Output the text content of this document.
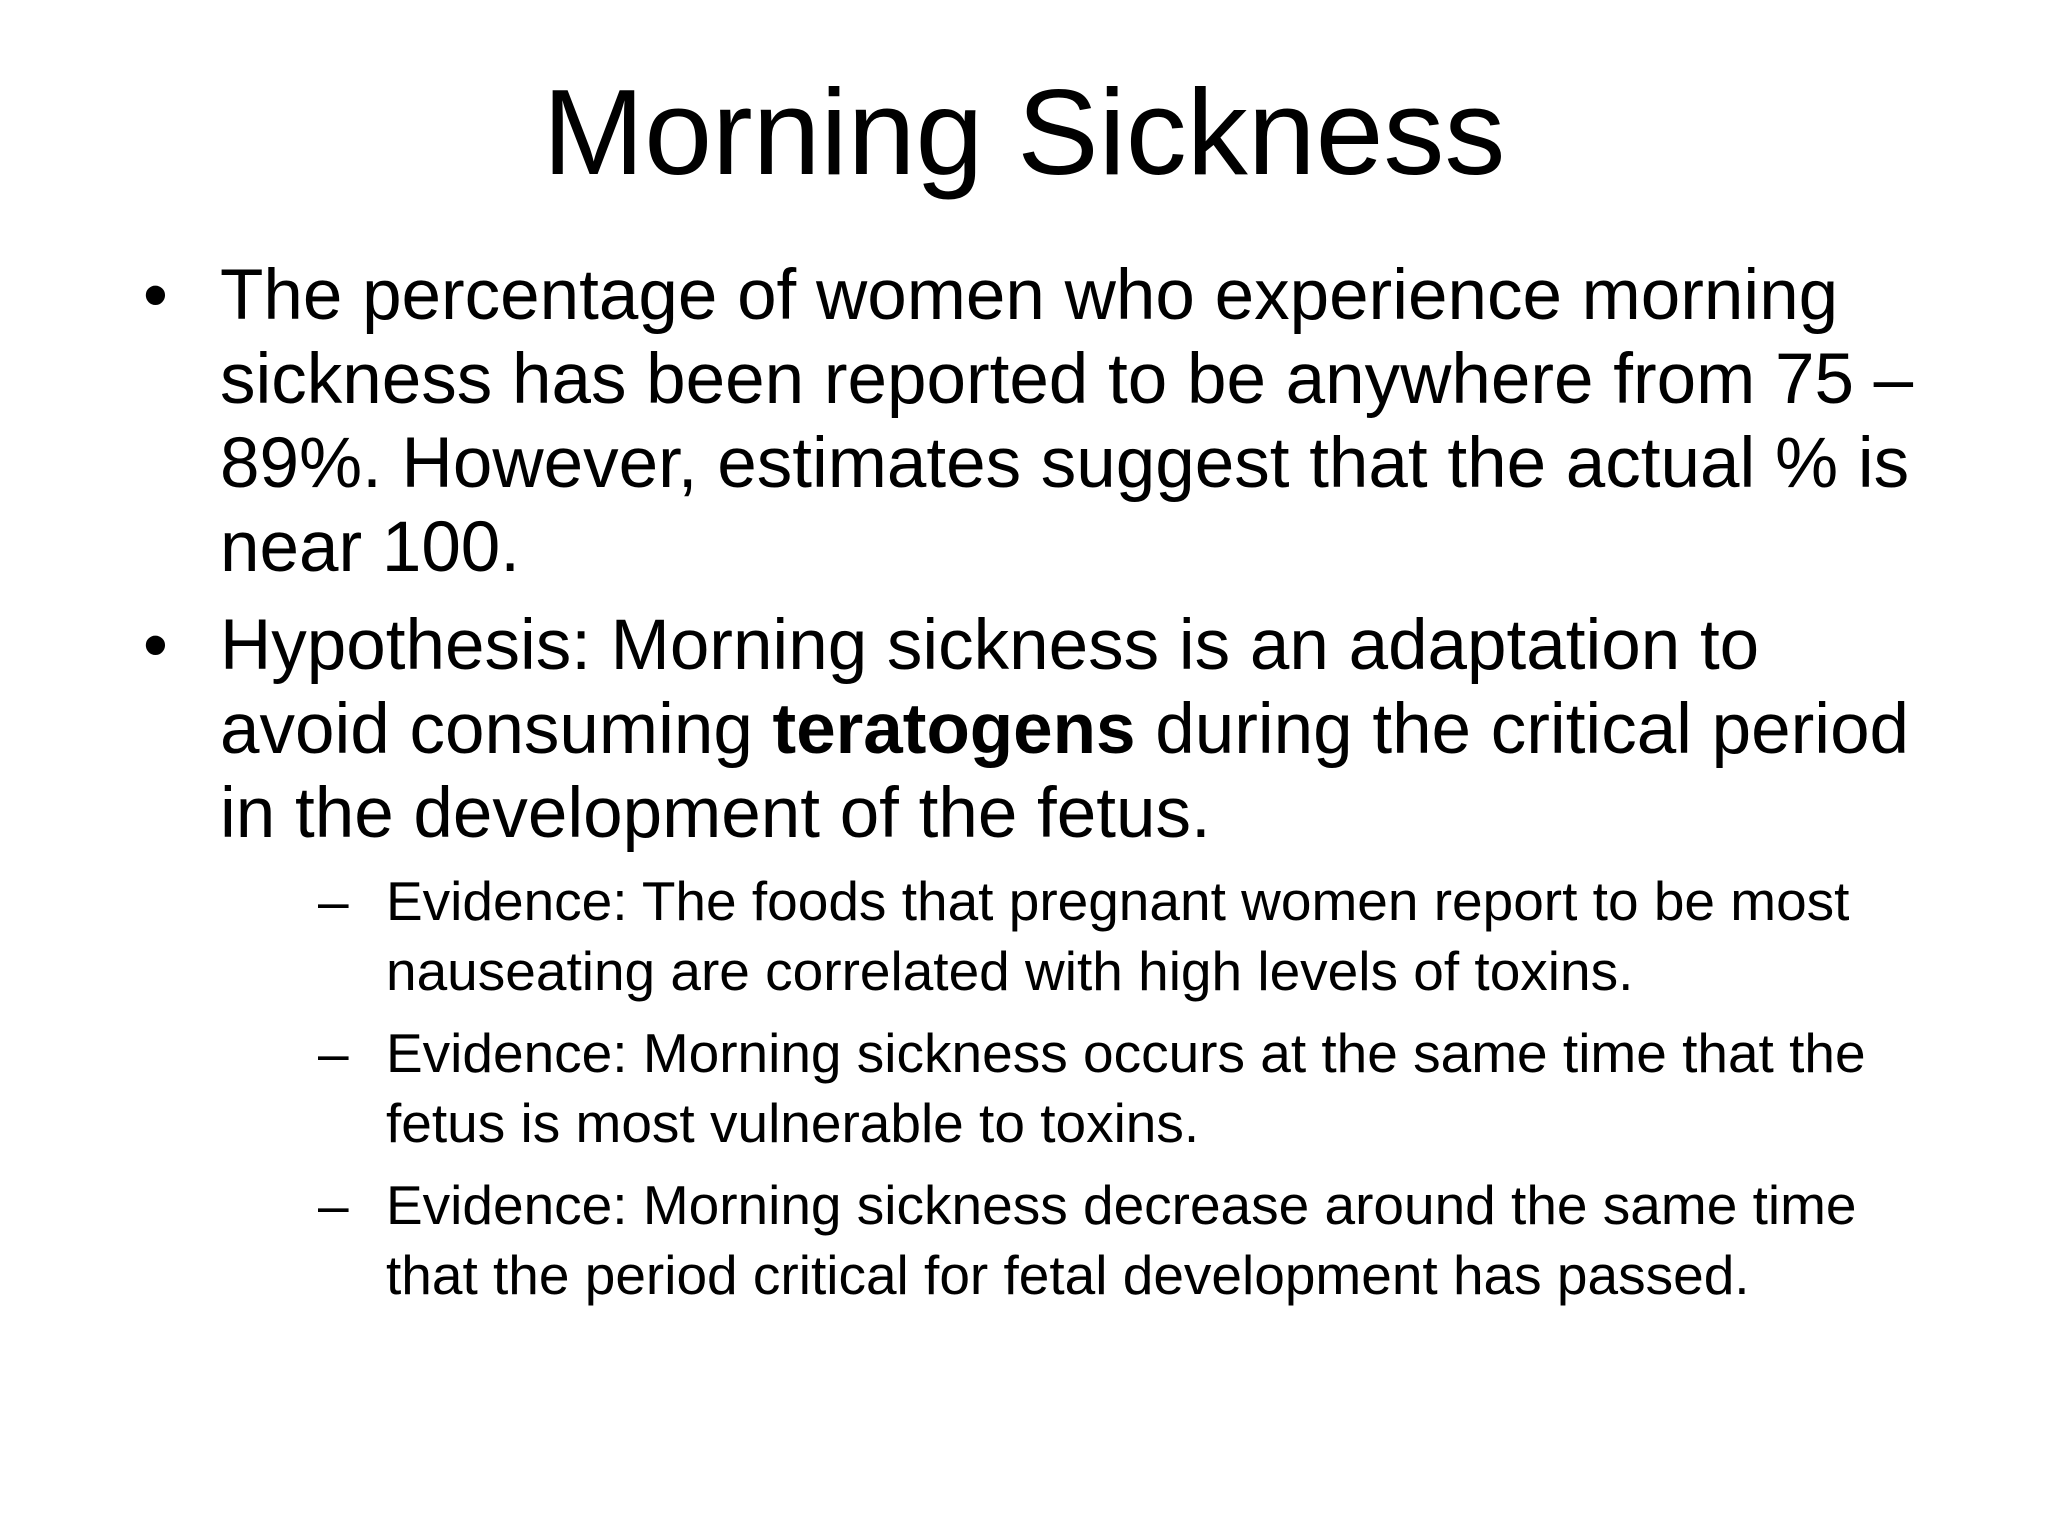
Morning Sickness
• The percentage of women who experience morning sickness has been reported to be anywhere from 75 – 89%. However, estimates suggest that the actual % is near 100.
• Hypothesis: Morning sickness is an adaptation to avoid consuming teratogens during the critical period in the development of the fetus.
– Evidence: The foods that pregnant women report to be most nauseating are correlated with high levels of toxins.
– Evidence: Morning sickness occurs at the same time that the fetus is most vulnerable to toxins.
– Evidence: Morning sickness decrease around the same time that the period critical for fetal development has passed.
